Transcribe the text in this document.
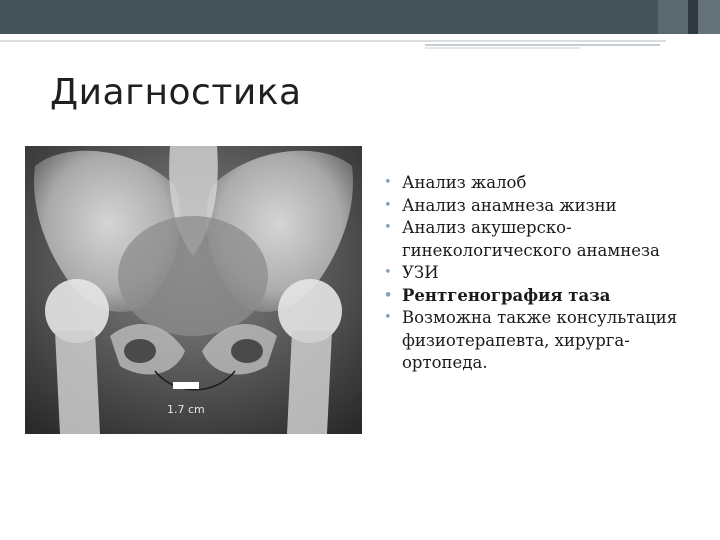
Диагностика
1.7 cm
• Анализ жалоб
• Анализ анамнеза жизни
• Анализ акушерско-гинекологического анамнеза
• УЗИ
• Рентгенография таза
• Возможна также консультация физиотерапевта, хирурга-ортопеда.
